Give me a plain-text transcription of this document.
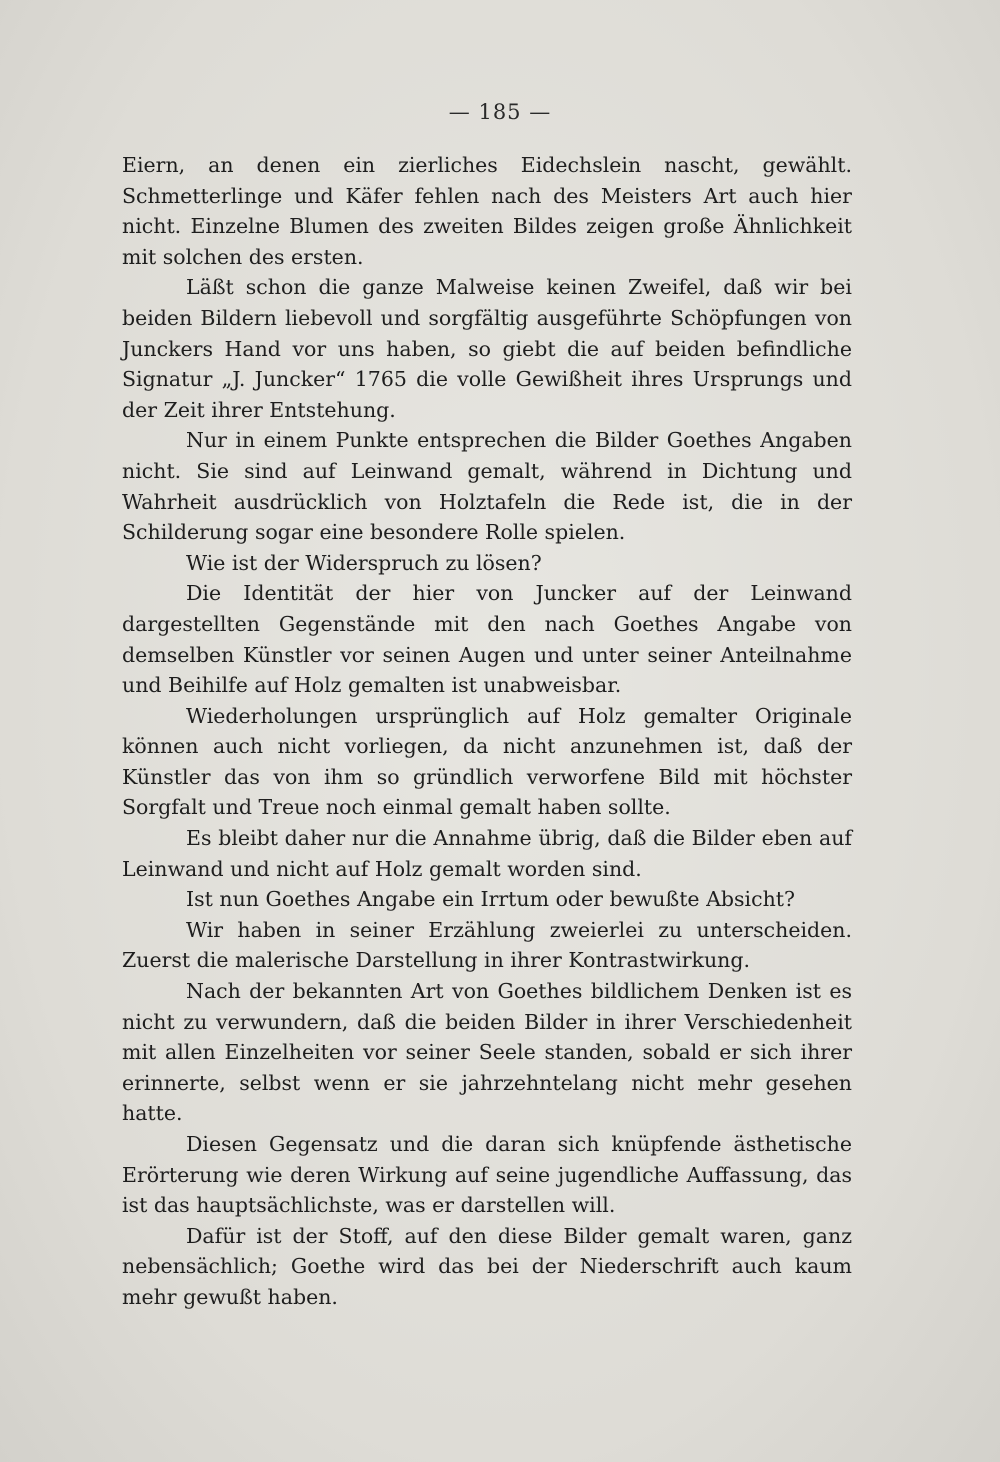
— 185 —

Eiern, an denen ein zierliches Eidechslein nascht, gewählt. Schmetterlinge und Käfer fehlen nach des Meisters Art auch hier nicht. Einzelne Blumen des zweiten Bildes zeigen große Ähnlichkeit mit solchen des ersten.

Läßt schon die ganze Malweise keinen Zweifel, daß wir bei beiden Bildern liebevoll und sorgfältig ausgeführte Schöpfungen von Junckers Hand vor uns haben, so giebt die auf beiden befindliche Signatur „J. Juncker“ 1765 die volle Gewißheit ihres Ursprungs und der Zeit ihrer Entstehung.

Nur in einem Punkte entsprechen die Bilder Goethes Angaben nicht. Sie sind auf Leinwand gemalt, während in Dichtung und Wahrheit ausdrücklich von Holztafeln die Rede ist, die in der Schilderung sogar eine besondere Rolle spielen.

Wie ist der Widerspruch zu lösen?

Die Identität der hier von Juncker auf der Leinwand dargestellten Gegenstände mit den nach Goethes Angabe von demselben Künstler vor seinen Augen und unter seiner Anteilnahme und Beihilfe auf Holz gemalten ist unabweisbar.

Wiederholungen ursprünglich auf Holz gemalter Originale können auch nicht vorliegen, da nicht anzunehmen ist, daß der Künstler das von ihm so gründlich verworfene Bild mit höchster Sorgfalt und Treue noch einmal gemalt haben sollte.

Es bleibt daher nur die Annahme übrig, daß die Bilder eben auf Leinwand und nicht auf Holz gemalt worden sind.

Ist nun Goethes Angabe ein Irrtum oder bewußte Absicht?

Wir haben in seiner Erzählung zweierlei zu unterscheiden. Zuerst die malerische Darstellung in ihrer Kontrastwirkung.

Nach der bekannten Art von Goethes bildlichem Denken ist es nicht zu verwundern, daß die beiden Bilder in ihrer Verschiedenheit mit allen Einzelheiten vor seiner Seele standen, sobald er sich ihrer erinnerte, selbst wenn er sie jahrzehntelang nicht mehr gesehen hatte.

Diesen Gegensatz und die daran sich knüpfende ästhetische Erörterung wie deren Wirkung auf seine jugendliche Auffassung, das ist das hauptsächlichste, was er darstellen will.

Dafür ist der Stoff, auf den diese Bilder gemalt waren, ganz nebensächlich; Goethe wird das bei der Niederschrift auch kaum mehr gewußt haben.
